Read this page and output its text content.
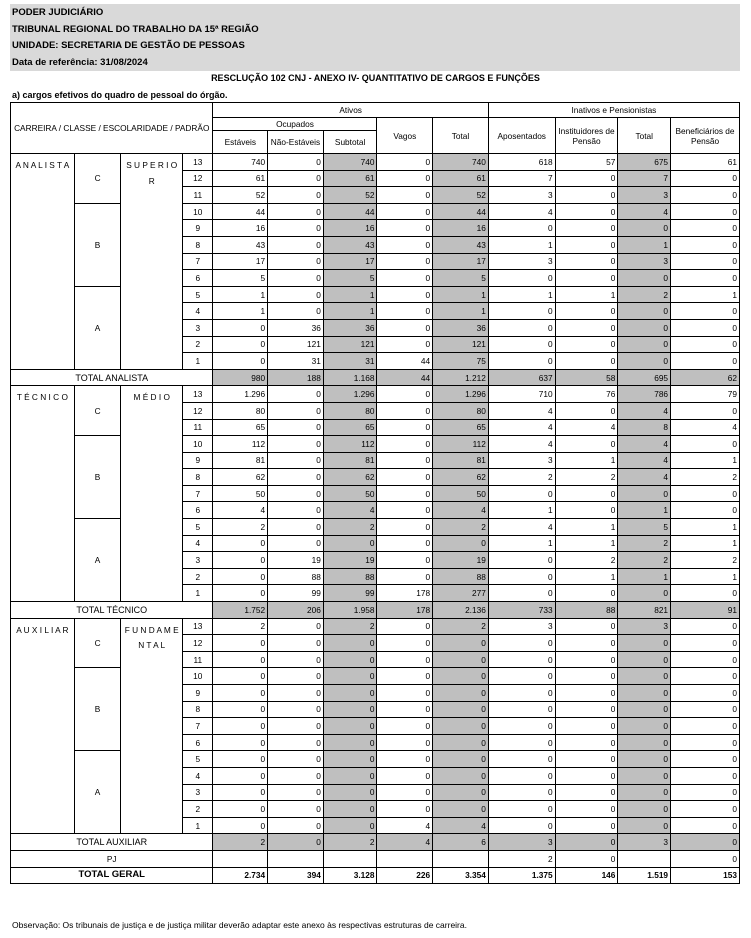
PODER JUDICIÁRIO
TRIBUNAL REGIONAL DO TRABALHO DA 15ª REGIÃO
UNIDADE: SECRETARIA DE GESTÃO DE PESSOAS
Data de referência: 31/08/2024
RESCLUÇÃO 102 CNJ - ANEXO IV- QUANTITATIVO DE CARGOS E FUNÇÕES
a) cargos efetivos do quadro de pessoal do órgão.
CARREIRA / CLASSE / ESCOLARIDADE / PADRÃO				Ativos					Inativos e Pensionistas			
				Ocupados			Vagos	Total	Aposentados	Instituidores de Pensão	Total	Beneficiários de Pensão
				Estáveis	Não-Estáveis	Subtotal						
A N A L I S T A	C	S U P E R I O R	13	740	0	740	0	740	618	57	675	61
			12	61	0	61	0	61	7	0	7	0
			11	52	0	52	0	52	3	0	3	0
	B		10	44	0	44	0	44	4	0	4	0
			9	16	0	16	0	16	0	0	0	0
			8	43	0	43	0	43	1	0	1	0
			7	17	0	17	0	17	3	0	3	0
			6	5	0	5	0	5	0	0	0	0
	A		5	1	0	1	0	1	1	1	2	1
			4	1	0	1	0	1	0	0	0	0
			3	0	36	36	0	36	0	0	0	0
			2	0	121	121	0	121	0	0	0	0
			1	0	31	31	44	75	0	0	0	0
TOTAL ANALISTA				980	188	1.168	44	1.212	637	58	695	62
T É C N I C O	C	M É D I O	13	1.296	0	1.296	0	1.296	710	76	786	79
			12	80	0	80	0	80	4	0	4	0
			11	65	0	65	0	65	4	4	8	4
	B		10	112	0	112	0	112	4	0	4	0
			9	81	0	81	0	81	3	1	4	1
			8	62	0	62	0	62	2	2	4	2
			7	50	0	50	0	50	0	0	0	0
			6	4	0	4	0	4	1	0	1	0
	A		5	2	0	2	0	2	4	1	5	1
			4	0	0	0	0	0	1	1	2	1
			3	0	19	19	0	19	0	2	2	2
			2	0	88	88	0	88	0	1	1	1
			1	0	99	99	178	277	0	0	0	0
TOTAL TÉCNICO				1.752	206	1.958	178	2.136	733	88	821	91
A U X I L I A R	C	F U N D A M E N T A L	13	2	0	2	0	2	3	0	3	0
			12	0	0	0	0	0	0	0	0	0
			11	0	0	0	0	0	0	0	0	0
	B		10	0	0	0	0	0	0	0	0	0
			9	0	0	0	0	0	0	0	0	0
			8	0	0	0	0	0	0	0	0	0
			7	0	0	0	0	0	0	0	0	0
			6	0	0	0	0	0	0	0	0	0
	A		5	0	0	0	0	0	0	0	0	0
			4	0	0	0	0	0	0	0	0	0
			3	0	0	0	0	0	0	0	0	0
			2	0	0	0	0	0	0	0	0	0
			1	0	0	0	4	4	0	0	0	0
TOTAL AUXILIAR				2	0	2	4	6	3	0	3	0
PJ									2	0		0
TOTAL GERAL				2.734	394	3.128	226	3.354	1.375	146	1.519	153
Observação: Os tribunais de justiça e de justiça militar deverão adaptar este anexo às respectivas estruturas de carreira.
